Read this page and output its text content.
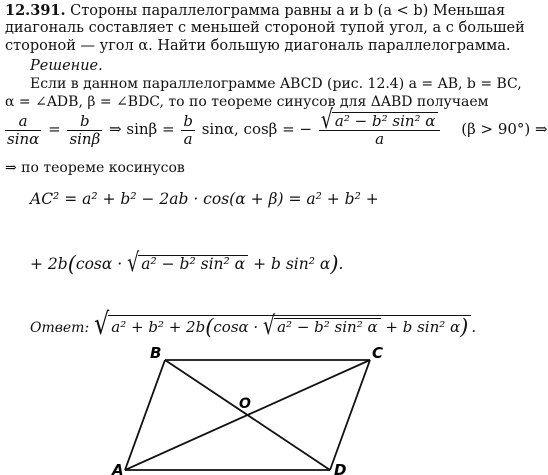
12.391. Стороны параллелограмма равны a и b (a < b) Меньшая
диагональ составляет с меньшей стороной тупой угол, а с большей
стороной — угол α. Найти большую диагональ параллелограмма.
Решение.
Если в данном параллелограмме ABCD (рис. 12.4) a = AB, b = BC,
α = ∠ADB, β = ∠BDC, то по теореме синусов для ΔABD получаем
$\frac{a}{\sin\alpha} = \frac{b}{\sin\beta}$ ⇒ $\sin\beta = \frac{b}{a} \sin\alpha$, cosβ = − $\frac{\text{√ a² − b² sin² α}}{a} (\beta > 90^\circ)$ ⇒
⇒ по теореме косинусов
AC² = a² + b² − 2ab · cos(α + β) = a² + b² +
+ 2b(cosα · √ a² − b² sin² α + b sin² α).
Ответ: √ a² + b² + 2b(cosα · √ a² − b² sin² α + b sin² α) .
B	C
A	D
O
